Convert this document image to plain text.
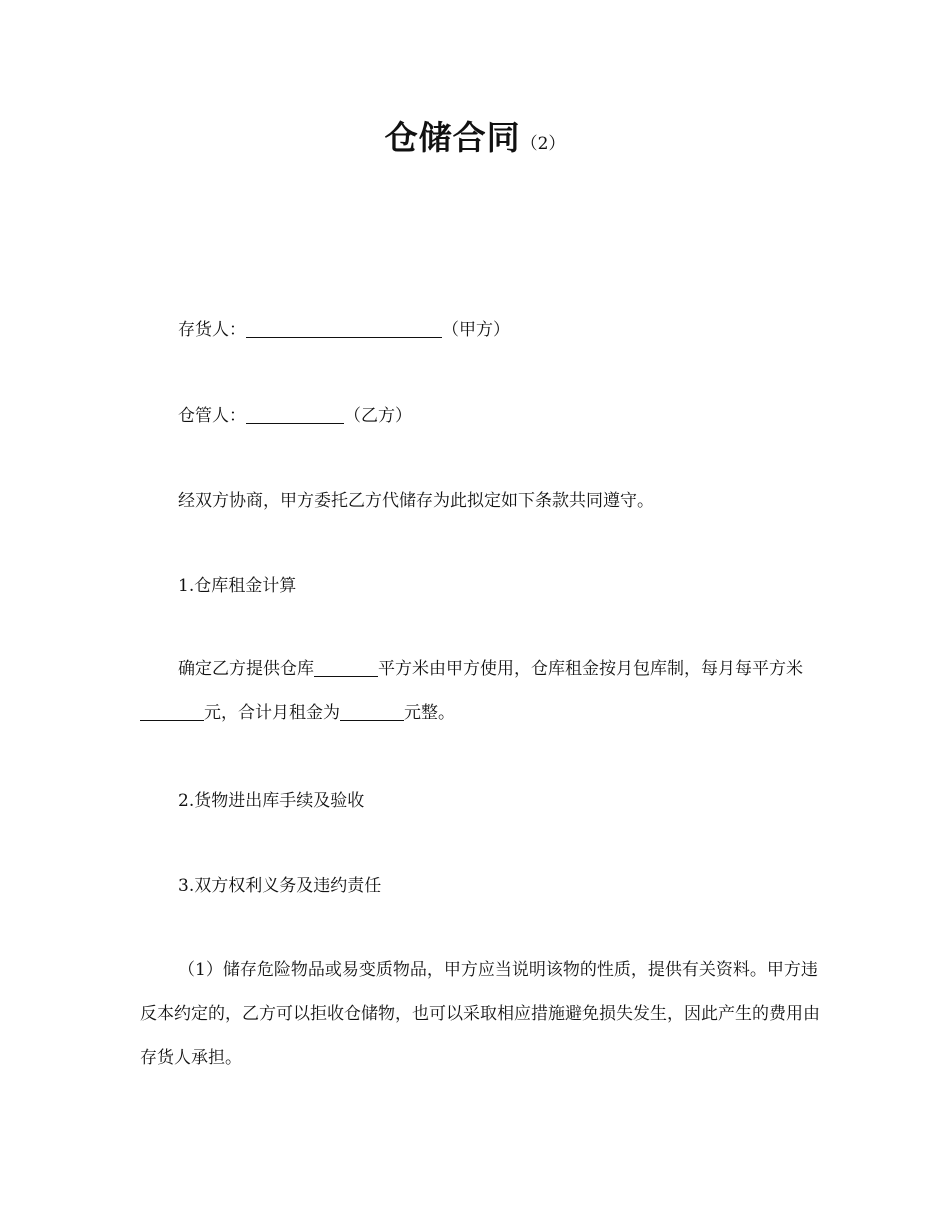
仓储合同（2）

存货人：	（甲方）

仓管人：	（乙方）

经双方协商，甲方委托乙方代储存为此拟定如下条款共同遵守。

1.仓库租金计算

确定乙方提供仓库	平方米由甲方使用，仓库租金按月包库制，每月每平方米元，合计月租金为	元整。

2.货物进出库手续及验收

3.双方权利义务及违约责任

（1）储存危险物品或易变质物品，甲方应当说明该物的性质，提供有关资料。甲方违反本约定的，乙方可以拒收仓储物，也可以采取相应措施避免损失发生，因此产生的费用由存货人承担。
